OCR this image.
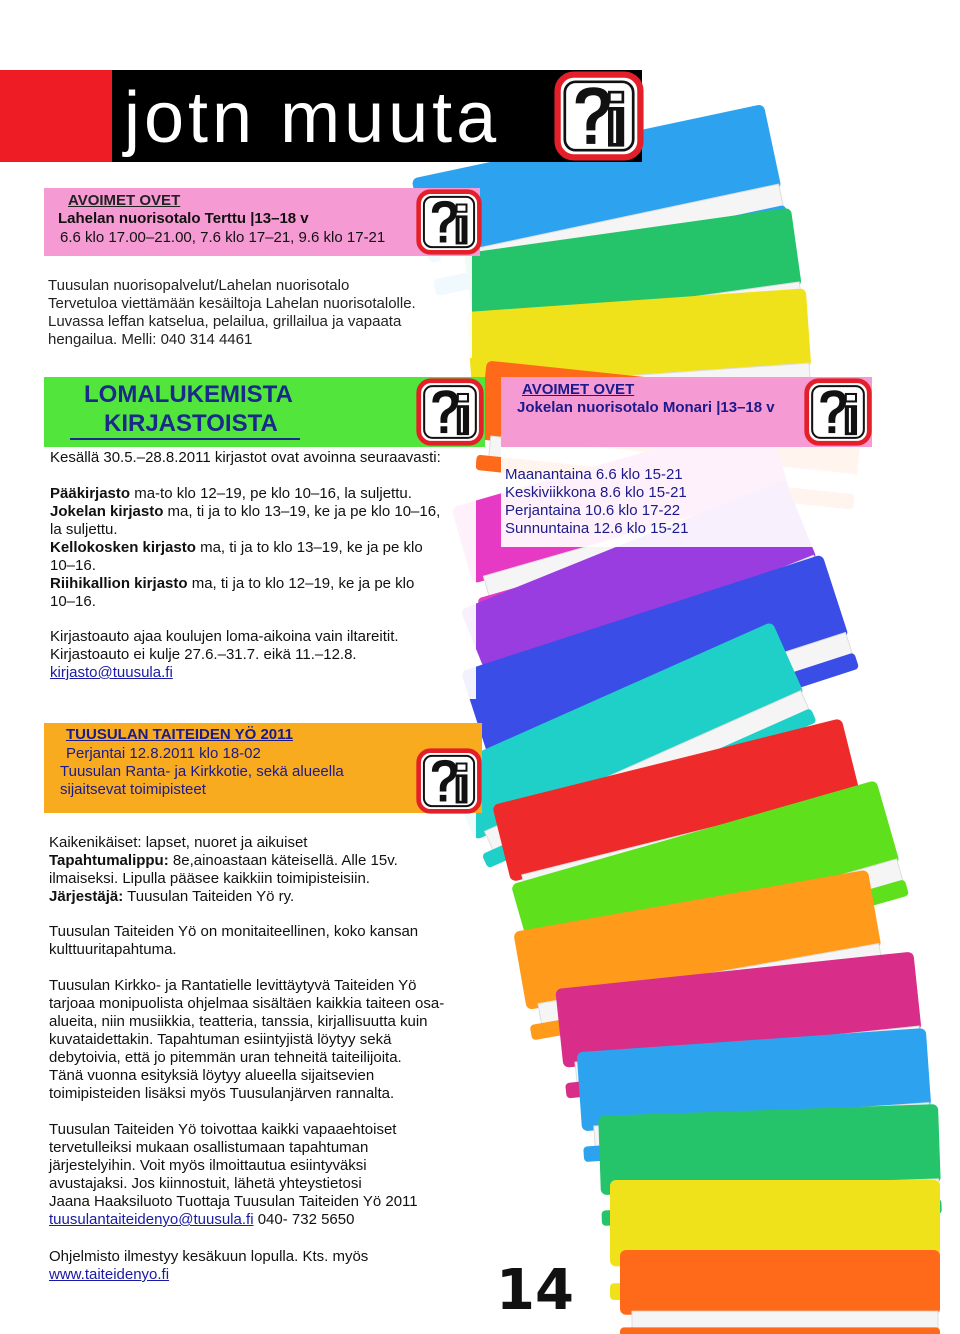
jotn muuta
AVOIMET OVET
Lahelan nuorisotalo Terttu |13–18 v
6.6 klo 17.00–21.00, 7.6 klo 17–21, 9.6 klo 17-21
Tuusulan nuorisopalvelut/Lahelan nuorisotalo
Tervetuloa viettämään kesäiltoja Lahelan nuorisotalolle.
Luvassa leffan katselua, pelailua, grillailua ja vapaata
hengailua. Melli: 040 314 4461
LOMALUKEMISTA
KIRJASTOISTA
Kesällä 30.5.–28.8.2011 kirjastot ovat avoinna seuraavasti:
Pääkirjasto ma-to klo 12–19, pe klo 10–16, la suljettu.
Jokelan kirjasto ma, ti ja to klo 13–19, ke ja pe klo 10–16,
la suljettu.
Kellokosken kirjasto ma, ti ja to klo 13–19, ke ja pe klo
10–16.
Riihikallion kirjasto ma, ti ja to klo 12–19, ke ja pe klo
10–16.
Kirjastoauto ajaa koulujen loma-aikoina vain iltareitit.
Kirjastoauto ei kulje 27.6.–31.7. eikä 11.–12.8.
kirjasto@tuusula.fi
AVOIMET OVET
Jokelan nuorisotalo Monari |13–18 v
Maanantaina 6.6 klo 15-21
Keskiviikkona 8.6 klo 15-21
Perjantaina 10.6 klo 17-22
Sunnuntaina 12.6 klo 15-21
TUUSULAN TAITEIDEN YÖ 2011
Perjantai 12.8.2011 klo 18-02
Tuusulan Ranta- ja Kirkkotie, sekä alueella
sijaitsevat toimipisteet
Kaikenikäiset: lapset, nuoret ja aikuiset
Tapahtumalippu: 8e,ainoastaan käteisellä. Alle 15v.
ilmaiseksi. Lipulla pääsee kaikkiin toimipisteisiin.
Järjestäjä: Tuusulan Taiteiden Yö ry.
Tuusulan Taiteiden Yö on monitaiteellinen, koko kansan
kulttuuritapahtuma.
Tuusulan Kirkko- ja Rantatielle levittäytyvä Taiteiden Yö
tarjoaa monipuolista ohjelmaa sisältäen kaikkia taiteen osa-
alueita, niin musiikkia, teatteria, tanssia, kirjallisuutta kuin
kuvataidettakin. Tapahtuman esiintyjistä löytyy sekä
debytoivia, että jo pitemmän uran tehneitä taiteilijoita.
Tänä vuonna esityksiä löytyy alueella sijaitsevien
toimipisteiden lisäksi myös Tuusulanjärven rannalta.
Tuusulan Taiteiden Yö toivottaa kaikki vapaaehtoiset
tervetulleiksi mukaan osallistumaan tapahtuman
järjestelyihin. Voit myös ilmoittautua esiintyväksi
avustajaksi. Jos kiinnostuit, lähetä yhteystietosi
Jaana Haaksiluoto Tuottaja Tuusulan Taiteiden Yö 2011
tuusulantaiteidenyo@tuusula.fi 040- 732 5650
Ohjelmisto ilmestyy kesäkuun lopulla. Kts. myös
www.taiteidenyo.fi	14
